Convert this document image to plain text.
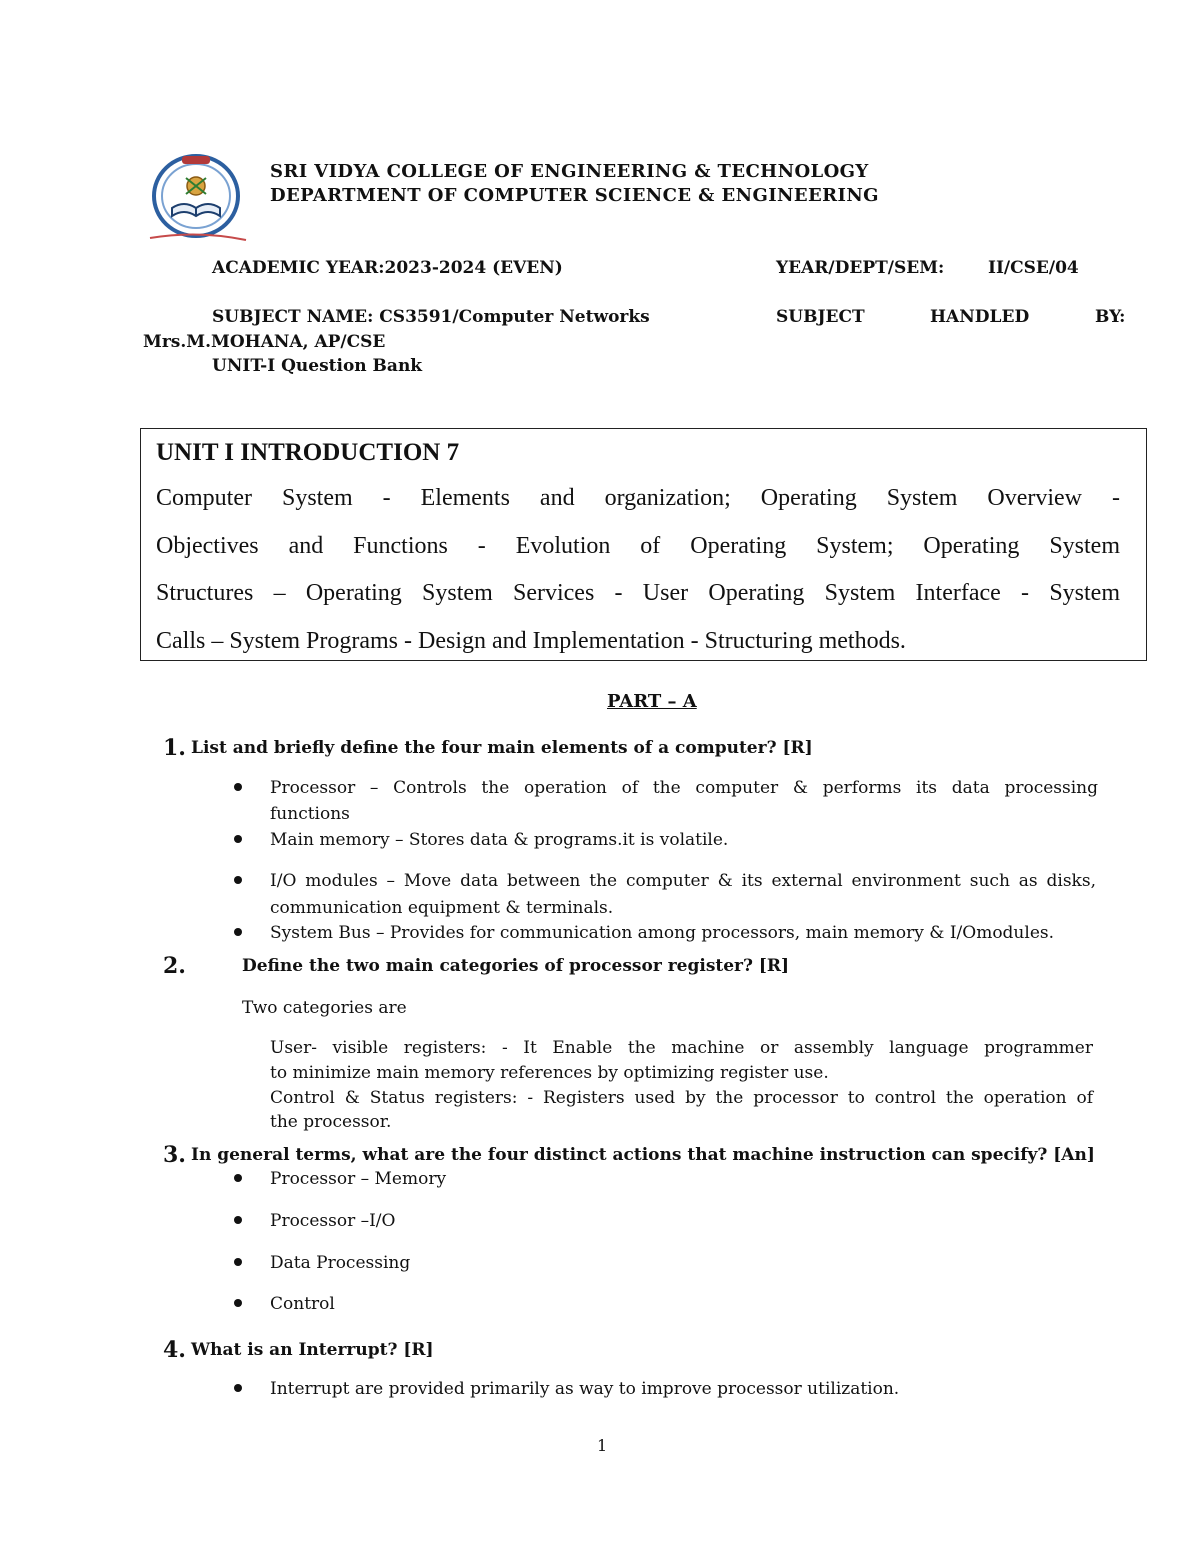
SRI VIDYA COLLEGE OF ENGINEERING & TECHNOLOGY
DEPARTMENT OF COMPUTER SCIENCE & ENGINEERING
ACADEMIC YEAR:2023-2024 (EVEN)	YEAR/DEPT/SEM:	II/CSE/04
SUBJECT NAME: CS3591/Computer Networks	SUBJECT	HANDLED	BY:
Mrs.M.MOHANA, AP/CSE
UNIT-I Question Bank
UNIT I INTRODUCTION 7
Computer System - Elements and organization; Operating System Overview -
Objectives and Functions - Evolution of Operating System; Operating System
Structures – Operating System Services - User Operating System Interface - System
Calls – System Programs - Design and Implementation - Structuring methods.
PART – A
1. List and briefly define the four main elements of a computer? [R]
Processor – Controls the operation of the computer & performs its data processing
functions
Main memory – Stores data & programs.it is volatile.
I/O modules – Move data between the computer & its external environment such as disks,
communication equipment & terminals.
System Bus – Provides for communication among processors, main memory & I/Omodules.
2.	Define the two main categories of processor register? [R]
Two categories are
User- visible registers: - It Enable the machine or assembly language programmer
to minimize main memory references by optimizing register use.
Control & Status registers: - Registers used by the processor to control the operation of
the processor.
3. In general terms, what are the four distinct actions that machine instruction can specify? [An]
Processor – Memory
Processor –I/O
Data Processing
Control
4. What is an Interrupt? [R]
Interrupt are provided primarily as way to improve processor utilization.
1
